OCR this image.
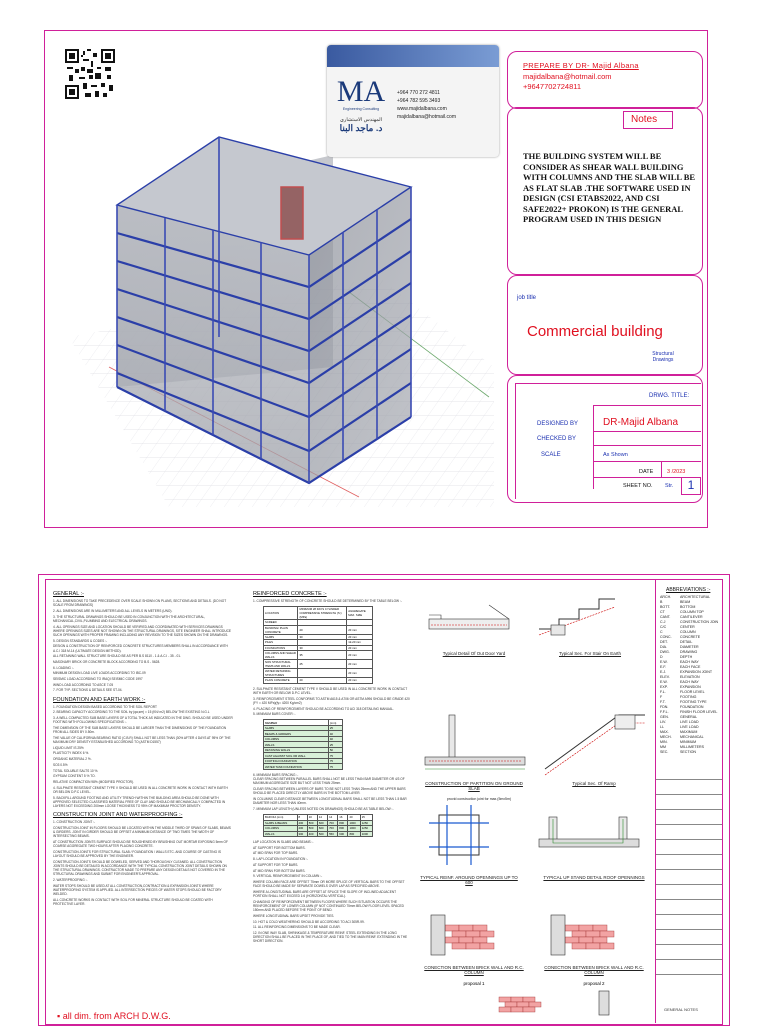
MA
Engineering Consulting
المهندس الاستشاري
د. ماجد البنا
+964 770 272 4811
+964 782 595 3493
www.majidalbana.com
majidalbana@hotmail.com
PREPARE BY DR- Majid Albana
majidalbana@hotmail.com
+9647702724811
Notes
THE BUILDING SYSTEM WILL BE CONSIDER AS SHEAR WALL BUILDING WITH COLUMNS AND THE SLAB WILL BE AS FLAT SLAB .THE SOFTWARE USED IN DESIGN (CSI ETABS2022, AND CSI SAFE2022+ PROKON) IS THE GENERAL PROGRAM USED IN THIS DESIGN
job title
Commercial building
Structural Drawings
DRWG. TITLE:
DESIGNED BY DR-Majid Albana
CHECKED BY
SCALE	As Shown
DATE 3 /2023
SHEET NO. Str.	1
GENERAL :-
1. ALL DIMENSIONS TO TAKE PRECEDENCE OVER SCALE SHOWN ON PLANS, SECTIONS AND DETAILS. (DO NOT SCALE FROM DRAWINGS)
2. ALL DIMENSIONS ARE IN MILLIMETERS AND ALL LEVELS IN METERS (UNO).
3. THE STRUCTURAL DRAWINGS SHOULD BE USED IN CONJUNCTION WITH THE ARCHITECTURAL, MECHANICAL,CIVIL,PLUMBING AND ELECTRICAL DRAWINGS.
4. ALL OPENINGS SIZE AND LOCATION SHOULD BE VERIFIED AND COORDINATED WITH SERVICES DRAWINGS WHERE OPENINGS SIZES ARE NOT SHOWN ON THE STRUCTURAL DRAWINGS, SITE ENGINEER SHALL INTRODUCE SUCH OPENINGS WITH PROPER FRAMING INCLUDING ANY REVISION TO THE SIZES SHOWN ON THE DRAWINGS.
5. DESIGN STANDARDS & CODES :-
DESIGN & CONSTRUCTION OF REINFORCED CONCRETE STRUCTURES MEMBERS SHALL IN ACCORDANCE WITH A.C.I 318 M-14 (ULTIMATE DESIGN METHOD).
ALL RETAINING WALL STRUCTURE SHOULD BE AS PER B.S 8110 - 1 & A.C.I - 35 - 01.
MASONARY BRICK OR CONCRETE BLOCK ACCORDING TO B.S - 5628.
6. LOADING :-
MINIMUM DESIGN LOAD LIVE LOADS ACCORDING TO IBC-09
SEISMIC LOAD ACCORDING TO IRAQI SEISMIC CODE 1997
WIND LOAD ACCORDING TO ASCE 7-05
7. FOR TYP. SECTIONS & DETAILS SEE ST-04.
FOUNDATION AND EARTH WORK :-
1. FOUNDATION DESIGN BASED ACCORDING TO THE SOIL REPORT
2. BEARING CAPACITY ACCORDING TO THE SOIL by (qa,ser) = 15 (KN/ m2) BELOW THE EXISTING N.G.L
3. A WELL COMPACTED SUB BASE LAYERS OF A TOTAL THICK AS INDICATED IN THE DWG. SHOULD BE USED UNDER FOOTING WITH FOLLOWING SPECIFICATIONS :-
THE DIMENSION OF THE SUB BASE LAYERS SHOULD BE LARGER THAN THE DIMENSIONS OF THE FOUNDATION FROM ALL SIDES BY 0.50m.
THE VALUE OF CALIFORNIA BEARING RATIO (C.B.R) SHALL NOT BE LESS THAN (30% AFTER 4 DAYS AT 95% OF THE MAXIMUM DRY DENSITY ESTABLISHED ACCORDING TO (ASTM D1557)
LIQUID LIMIT IS 25%
PLASTICITY INDEX 6 %.
ORGANIC MATERIAL 2 %.
SO3 0.5%
TOTAL SOLUBLE SALTS 10 %.
GYPSUM CONTENT 5 % TO.
RELATIVE COMPACTION 98% (MODIFIED PROCTOR).
4. SULPHATE RESISTANT CEMENT TYPE V SHOULD BE USED IN ALL CONCRETE WORK IN CONTACT WITH EARTH OR BELOW D.P.C LEVEL.
5. BACKFILL AROUND FOOTING AND UTILITY TRENCH WITHIN THE BUILDING AREA SHOULD BE DONE WITH APPROVED SELECTED CLASSIFIED MATERIAL FREE OF CLAY AND SHOULD BE MECHANICALLY COMPACTED IN LAYERS NOT EXCEEDING 200mm LOOSE THICKNESS TO 95% OF MAXIMUM PROCTOR DENSITY.
CONSTRUCTION JOINT AND WATERPROOFING :-
1. CONSTRUCTION JOINT :-
CONSTRUCTION JOINT IN FLOORS SHOULD BE LOCATED WITHIN THE MIDDLE THIRD OF SPANS OF SLABS, BEAMS & GIRDERS. JOINT IN GIRDER SHOULD BE OFFSET A MINIMUM DISTANCE OF TWO TIMES THE WIDTH OF INTERSECTING BEAMS.
AT CONSTRUCTION JOINTS SURFACE SHOULD BE ROUGHENED BY BRUSHING OUT MORTAR EXPOSING 5mm OF COARSE AGGREGATE TWO HOURS AFTER PLACING CONCRETE.
CONSTRUCTION JOINTS FOR STRUCTURAL SLAB / FOUNDATION / WALLS ETC. AND COURSE OF CASTING IS LAYOUT SHOULD BE APPROVED BY THE ENGINEER.
CONSTRUCTION JOINTS SHOULD BE DOWELED, SERVED AND THOROUGHLY CLEANED. ALL CONSTRUCTION JOINTS SHOULD BE DETAILED IN ACCORDANCE WITH THE TYPICAL CONSTRUCTION JOINT DETAILS SHOWN ON THE STRUCTURAL DRAWINGS. CONTRACTOR MADE TO PREPARE ANY DESIGN DETAILS NOT COVERED IN THE STRUCTURAL DRAWINGS AND SUBMIT FOR ENGINEER'S APPROVAL.
2. WATERPROOFING :-
WATER STOPS SHOULD BE USED AT ALL CONSTRUCTION,CONTRACTION & EXPANSION JOINTS WHERE WATERPROOFING SYSTEM IS APPLIED. ALL INTERSECTION PIECES OF WATER STOPS SHOULD BE FACTORY WELDED.
ALL CONCRETE WORKS IN CONTACT WITH SOIL FOR MINERAL STRUCTURE SHOULD BE COATED WITH PROTECTIVE LAYER.
▪ all dim. from ARCH D.W.G.
REINFORCED CONCRETE :-
1. COMPRESSIVE STRENGTH OF CONCRETE SHOULD BE DETERMINED BY THE TABLE BELOW :-
LOCATION	MINIMUM 28 DAYS CYLINDER COMPRESSIVE STRENGTH (f'c) (MPa)	AGGREGATE MAX. SIZE
SCREED		
BLINDING/ PLAIN CONCRETE	20	20 mm
SLABS	30	20 mm
PILES		12-20 mm
FOUNDATIONS	30	20 mm
COLUMNS AND SHEAR WALLS	35	20 mm
NON STRUCTURAL ITEMS AND WALLS	25	20 mm
WATER RETAINING STRUCTURES		20 mm
PLAIN CONCRETE	20	20 mm
2. SULPHATE RESISTANT CEMENT TYPE V SHOULD BE USED IN ALL CONCRETE WORK IN CONTACT WITH EARTH OR BELOW D.P.C LEVEL.
3. REINFORCEMENT STEEL CONFORMS TO ASTM A615 & A706 OR ASTM A996 SHOULD BE GRADE 420 (FY = 420 MPa)(fy= 4200 Kg/cm2)
4. PLACING OF REINFORCEMENT SHOULD BE ACCORDING TO ACI 318 DETAILING MANUAL.
5. MINIMUM BARS COVER :-
MEMBER	(mm)
SLABS	25
BEAMS & GIRDERS	40
COLUMNS	40
WALLS	25
RETAINING WALLS	50
CAST AGAINST SOIL OR WALL	75
FOOTING FOUNDATION	75
WATER TANK FOUNDATION	75
6. MINIMUM BARS SPACING :-
CLEAR SPACING BETWEEN PARALLEL BARS SHALL NOT BE LESS THAN BAR DIAMETER OR 4/3 OF MAXIMUM AGGREGATE SIZE BUT NOT LESS THAN 25mm.
CLEAR SPACING BETWEEN LAYERS OF BARS TO BE NOT LESS THAN 25mm AND THE UPPER BARS SHOULD BE PLACED DIRECTLY ABOVE BARS IN THE BOTTOM LAYER.
IN COLUMNS CLEAR DISTANCE BETWEEN LONGITUDINAL BARS SHALL NOT BE LESS THAN 1.5 BAR DIAMETER NOR LESS THAN 40mm.
7. MINIMUM LAP LENGTH (UNLESS NOTED ON DRAWINGS) SHOULD BE AS TABLE BELOW :-
BAR DIA (mm)	8	10	12	14	16	20	25
SLABS & BEAMS	400	500	600	700	800	1000	1250
COLUMNS	400	500	600	700	800	1000	1250
WALLS	300	400	500	550	600	800	1000
LAP LOCATION IN SLABS AND BEAMS :-
AT SUPPORT FOR BOTTOM BARS.
AT MID SPAN FOR TOP BARS.
8. LAP LOCATION IN FOUNDATION :-
AT SUPPORT FOR TOP BARS.
AT MID SPAN FOR BOTTOM BARS.
9. VERTICAL REINFORCEMENT IN COLUMN :-
WHERE COLUMN FACE ARE OFFSET 75mm OR MORE SPLICE OF VERTICAL BARS TO THE OFFSET FACE SHOULD BE MADE BY SEPARATE DOWELS OVER LAP AS SPECIFIED ABOVE.
WHERE A LONGITUDINAL BARS ARE OFFSET AT SPLICE THE SLOPE OF INCLINED ADJACENT PORTION SHALL NOT EXCEED 1:6 (HORIZONTAL:VERTICAL).
CHANGING OF REINFORCEMENT BETWEEN FLOORS WHERE SUCH SITUATION OCCURS THE REINFORCEMENT OF LOWER COLUMN (IF NOT CONTINUED 75mm BELOW FLOOR LEVEL SPACED 150mm AND PLACED BEFORE THE POINT OF BEND.
WHERE LONGITUDINAL BARS UPSET PROVIDE TIES.
10. HOT & COLD WEATHERING SHOULD BE ACCORDING TO ACI 305R-99.
11. ALL REINFORCING DIMENSIONS TO BE MADE CLEAR.
12. IN ONE WAY SLAB, SHRINKAGE & TEMPERATURE REINF. STEEL EXTENDING IN THE LONG DIRECTION SHALL BE PLACED IN THE PLACE OF, AND TIED TO THE MAIN REINF. EXTENDING IN THE SHORT DIRECTION.
Typical Detail Of Out Door Yard	Typical Sec. For Stair On Earth
CONSTRUCTION OF PARTITION ON GROUND SLAB
provid construction joint for max.(5mx5m)
Typical Sec. Of Ramp
TYPICAL REINF. AROUND OPENNINGS UP TO 600
TYPICAL UP STAND DETAIL ROOF OPENNINGS
CONECTION BETWEEN BRICK WALL AND R.C. COLUMN
proposal 1
CONECTION BETWEEN BRICK WALL AND R.C. COLUMN
proposal 2
ABBREVIATIONS :-
ARCH.	ARCHITECTURAL
B	BEAM
BOTT.	BOTTOM
CT	COLUMN TOP
CANT.	CANTILEVER
C.J	CONSTRUCTION JOIN
C/C	CENTER
C	COLUMN
CONC.	CONCRETE
DET.	DETAIL
DIA.	DIAMETER
DWG.	DRAWING
D	DEPTH
E.W.	EACH WAY
E.F.	EACH FACE
E.J.	EXPANSION JOINT
ELEV.	ELEVATION
E.W.	EACH WAY
EXP.	EXPANSION
F.L.	FLOOR LEVEL
F	FOOTING
F.T.	FOOTING TYPE
FDN.	FOUNDATION
F.F.L.	FINISH FLOOR LEVEL
GEN.	GENERAL
LIV.	LIVE LOAD
LL	LIVE LOAD
MAX.	MAXIMUM
MECH.	MECHANICAL
MIN.	MINIMUM
MM	MILLIMETERS
SEC.	SECTION
GENERAL NOTES
